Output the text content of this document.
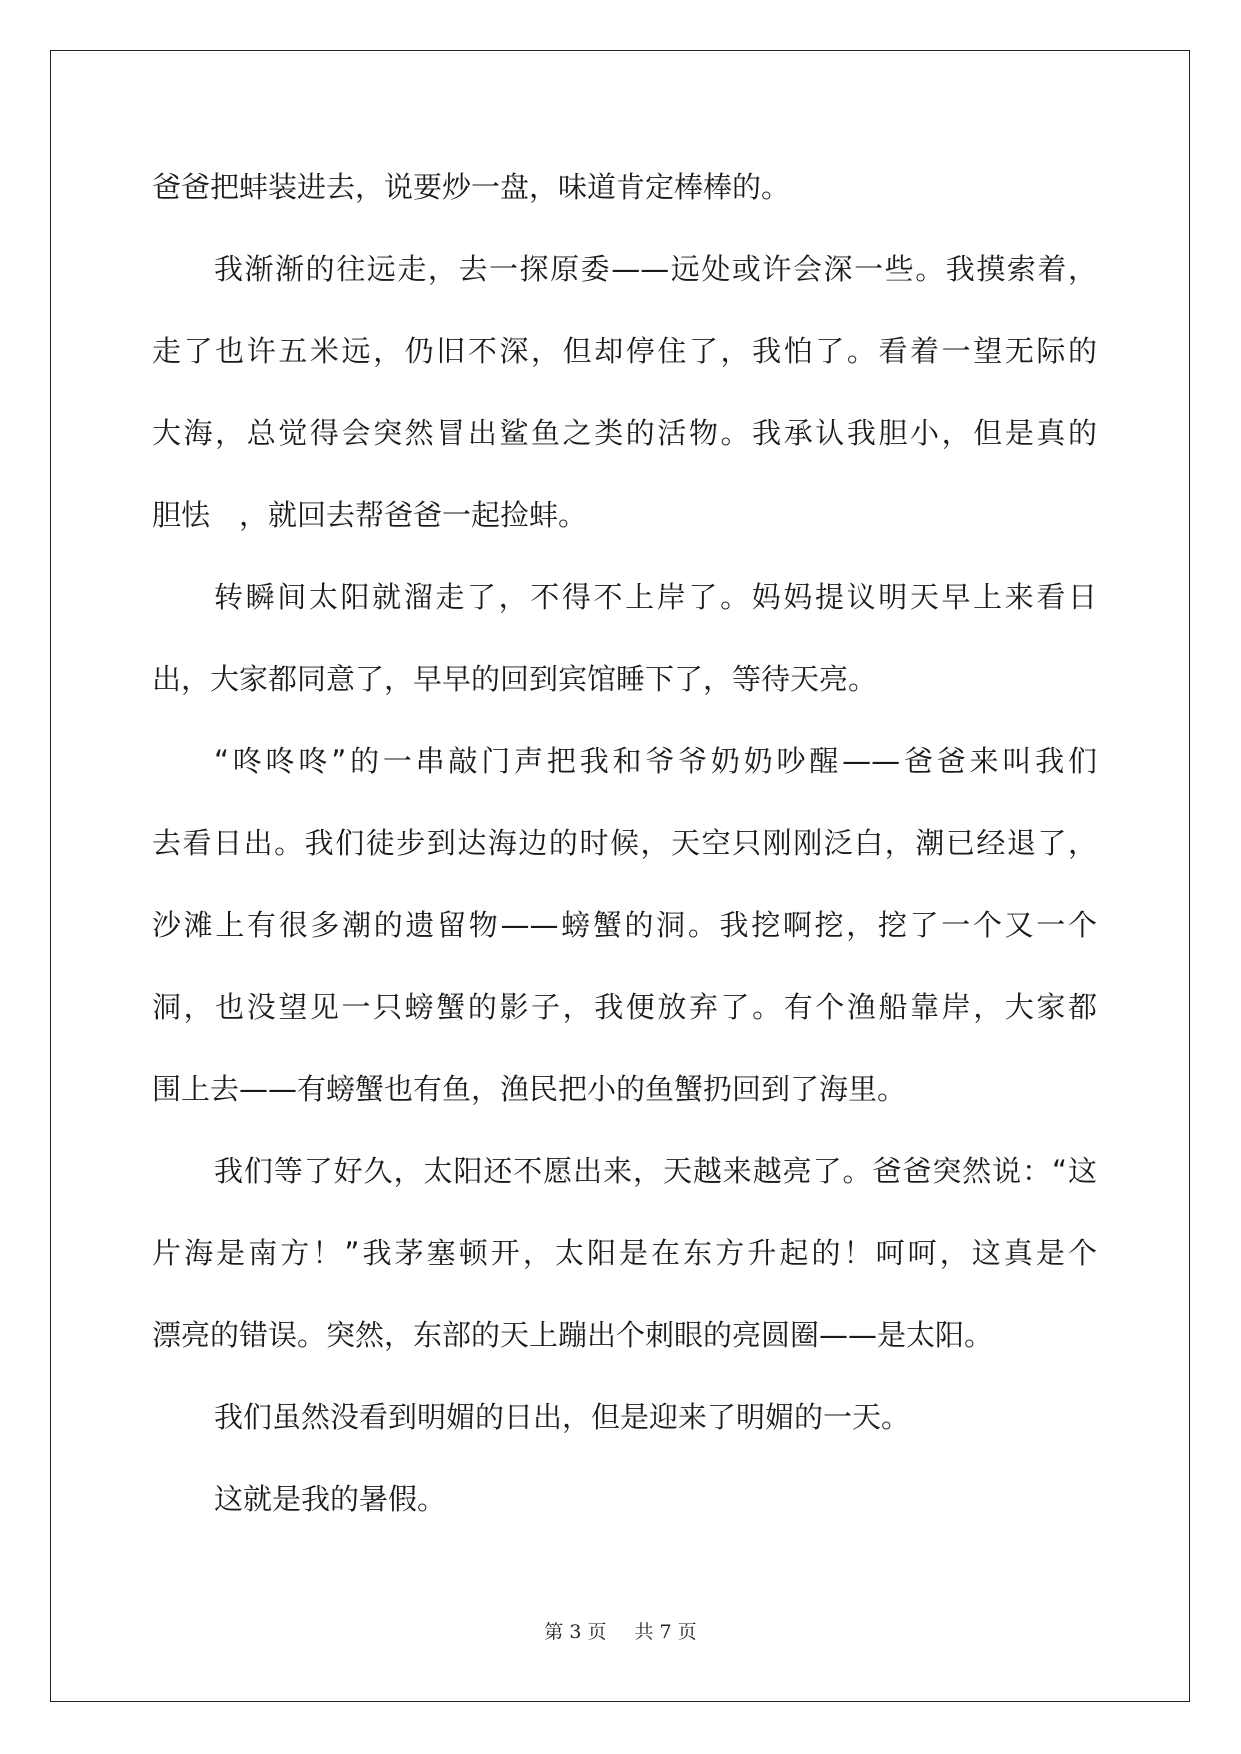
爸爸把蚌装进去，说要炒一盘，味道肯定棒棒的。
我渐渐的往远走，去一探原委——远处或许会深一些。我摸索着，
走了也许五米远，仍旧不深，但却停住了，我怕了。看着一望无际的
大海，总觉得会突然冒出鲨鱼之类的活物。我承认我胆小，但是真的
胆怯　，就回去帮爸爸一起捡蚌。
转瞬间太阳就溜走了，不得不上岸了。妈妈提议明天早上来看日
出，大家都同意了，早早的回到宾馆睡下了，等待天亮。
“咚咚咚”的一串敲门声把我和爷爷奶奶吵醒——爸爸来叫我们
去看日出。我们徒步到达海边的时候，天空只刚刚泛白，潮已经退了，
沙滩上有很多潮的遗留物——螃蟹的洞。我挖啊挖，挖了一个又一个
洞，也没望见一只螃蟹的影子，我便放弃了。有个渔船靠岸，大家都
围上去——有螃蟹也有鱼，渔民把小的鱼蟹扔回到了海里。
我们等了好久，太阳还不愿出来，天越来越亮了。爸爸突然说：“这
片海是南方！”我茅塞顿开，太阳是在东方升起的！呵呵，这真是个
漂亮的错误。突然，东部的天上蹦出个刺眼的亮圆圈——是太阳。
我们虽然没看到明媚的日出，但是迎来了明媚的一天。
这就是我的暑假。
第 3 页 共 7 页
